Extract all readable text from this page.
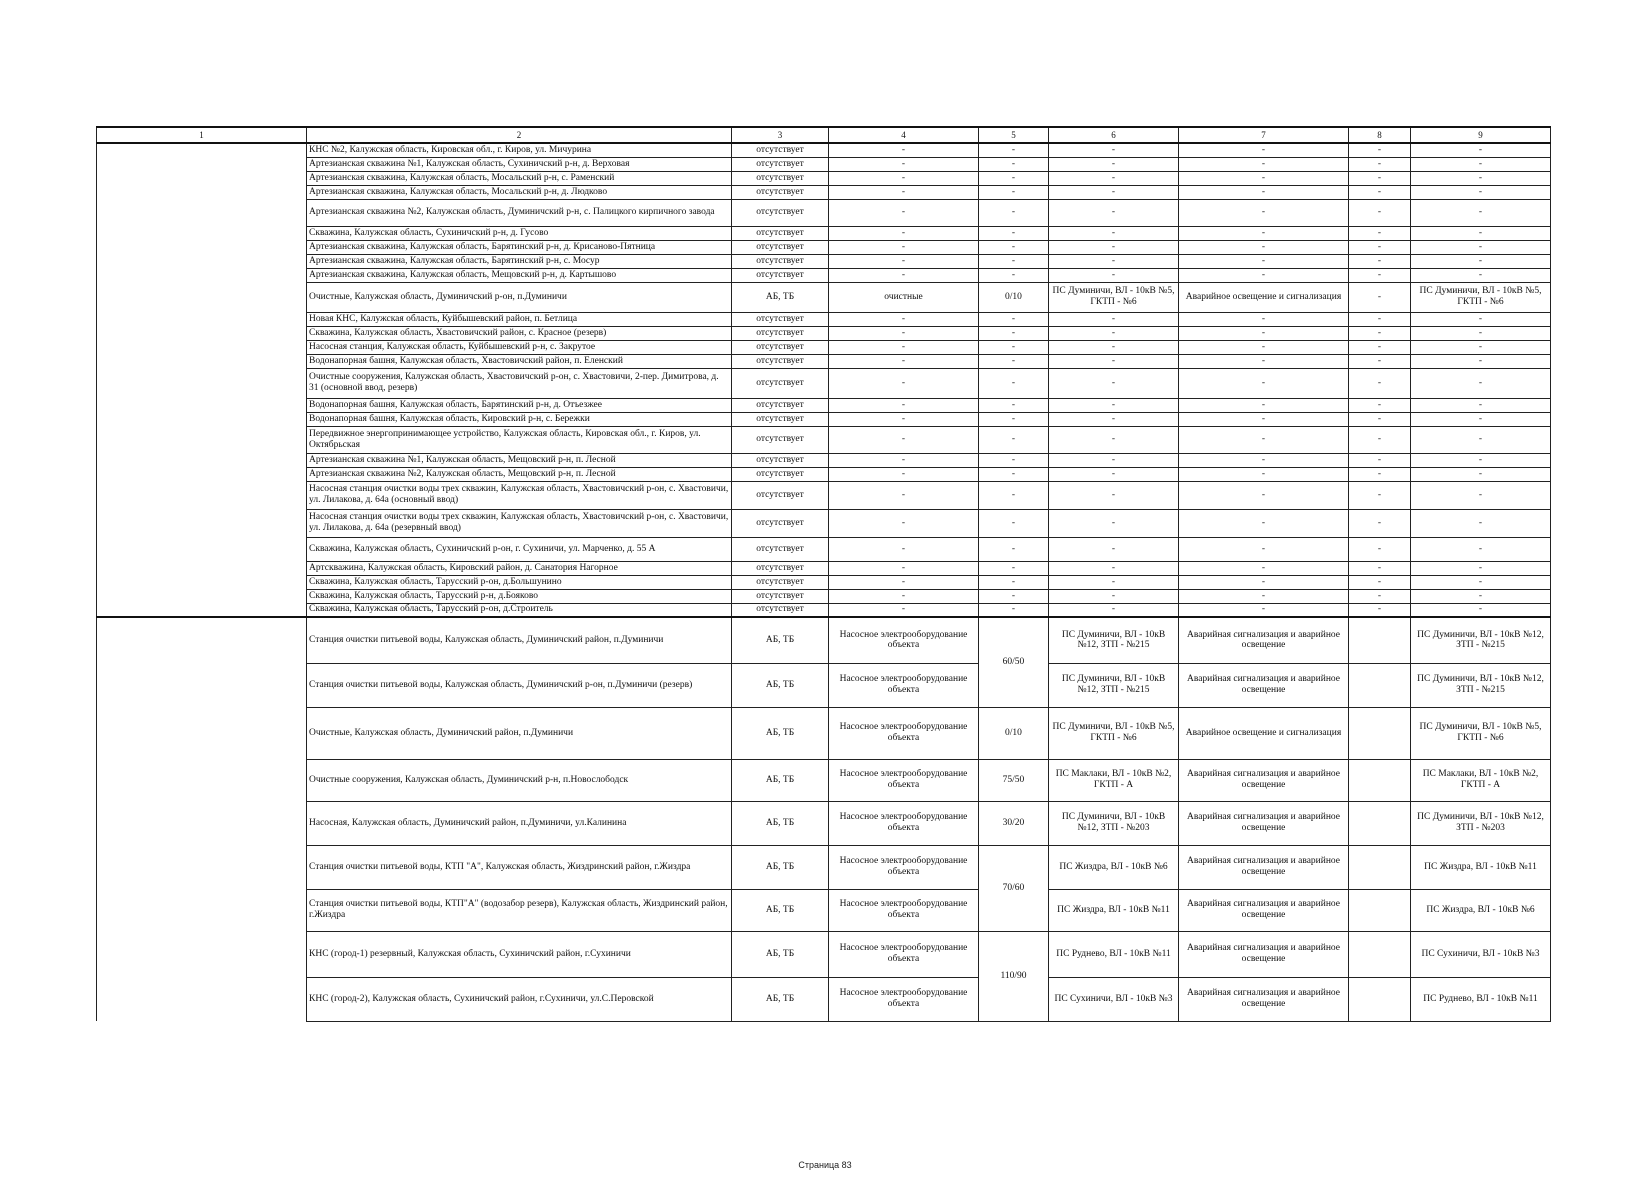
1	2	3	4	5	6	7	8	9
	КНС №2, Калужская область, Кировская обл., г. Киров, ул. Мичурина	отсутствует	-	-	-	-	-	-
	Артезианская скважина №1, Калужская область, Сухиничский р-н, д. Верховая	отсутствует	-	-	-	-	-	-
	Артезианская скважина, Калужская область, Мосальский р-н, с. Раменский	отсутствует	-	-	-	-	-	-
	Артезианская скважина, Калужская область, Мосальский р-н, д. Людково	отсутствует	-	-	-	-	-	-
	Артезианская скважина №2, Калужская область, Думиничский р-н, с. Палицкого кирпичного завода	отсутствует	-	-	-	-	-	-
	Скважина, Калужская область, Сухиничский р-н, д. Гусово	отсутствует	-	-	-	-	-	-
	Артезианская скважина, Калужская область, Барятинский р-н, д. Крисаново-Пятница	отсутствует	-	-	-	-	-	-
	Артезианская скважина, Калужская область, Барятинский р-н, с. Мосур	отсутствует	-	-	-	-	-	-
	Артезианская скважина, Калужская область, Мещовский р-н, д. Картышово	отсутствует	-	-	-	-	-	-
	Очистные, Калужская область, Думиничский р-он, п.Думиничи	АБ, ТБ	очистные	0/10	ПС Думиничи, ВЛ - 10кВ №5, ГКТП - №6	Аварийное освещение и сигнализация	-	ПС Думиничи, ВЛ - 10кВ №5, ГКТП - №6
	Новая КНС, Калужская область, Куйбышевский район, п. Бетлица	отсутствует	-	-	-	-	-	-
	Скважина, Калужская область, Хвастовичский район, с. Красное (резерв)	отсутствует	-	-	-	-	-	-
	Насосная станция, Калужская область, Куйбышевский р-н, с. Закрутое	отсутствует	-	-	-	-	-	-
	Водонапорная башня, Калужская область, Хвастовичский район, п. Еленский	отсутствует	-	-	-	-	-	-
	Очистные сооружения, Калужская область, Хвастовичский р-он, с. Хвастовичи, 2-пер. Димитрова, д. 31 (основной ввод, резерв)	отсутствует	-	-	-	-	-	-
	Водонапорная башня, Калужская область, Барятинский р-н, д. Отъезжее	отсутствует	-	-	-	-	-	-
	Водонапорная башня, Калужская область, Кировский р-н, с. Бережки	отсутствует	-	-	-	-	-	-
	Передвижное энергопринимающее устройство, Калужская область, Кировская обл., г. Киров, ул. Октябрьская	отсутствует	-	-	-	-	-	-
	Артезианская скважина №1, Калужская область, Мещовский р-н, п. Лесной	отсутствует	-	-	-	-	-	-
	Артезианская скважина №2, Калужская область, Мещовский р-н, п. Лесной	отсутствует	-	-	-	-	-	-
	Насосная станция очистки воды трех скважин, Калужская область, Хвастовичский р-он, с. Хвастовичи, ул. Лилакова, д. 64а (основный ввод)	отсутствует	-	-	-	-	-	-
	Насосная станция очистки воды трех скважин, Калужская область, Хвастовичский р-он, с. Хвастовичи, ул. Лилакова, д. 64а (резервный ввод)	отсутствует	-	-	-	-	-	-
	Скважина, Калужская область, Сухиничский р-он, г. Сухиничи, ул. Марченко, д. 55 А	отсутствует	-	-	-	-	-	-
	Артскважина, Калужская область, Кировский район, д. Санатория Нагорное	отсутствует	-	-	-	-	-	-
	Скважина, Калужская область, Тарусский р-он, д.Большунино	отсутствует	-	-	-	-	-	-
	Скважина, Калужская область, Тарусский р-н, д.Бояково	отсутствует	-	-	-	-	-	-
	Скважина, Калужская область, Тарусский р-он, д.Строитель	отсутствует	-	-	-	-	-	-
	Станция очистки питьевой воды, Калужская область, Думиничский район, п.Думиничи	АБ, ТБ	Насосное электрооборудование объекта	60/50	ПС Думиничи, ВЛ - 10кВ №12, ЗТП - №215	Аварийная сигнализация и аварийное освещение		ПС Думиничи, ВЛ - 10кВ №12, ЗТП - №215
	Станция очистки питьевой воды, Калужская область, Думиничский р-он, п.Думиничи (резерв)	АБ, ТБ	Насосное электрооборудование объекта		ПС Думиничи, ВЛ - 10кВ №12, ЗТП - №215	Аварийная сигнализация и аварийное освещение		ПС Думиничи, ВЛ - 10кВ №12, ЗТП - №215
	Очистные, Калужская область, Думиничский район, п.Думиничи	АБ, ТБ	Насосное электрооборудование объекта	0/10	ПС Думиничи, ВЛ - 10кВ №5, ГКТП - №6	Аварийное освещение и сигнализация		ПС Думиничи, ВЛ - 10кВ №5, ГКТП - №6
	Очистные сооружения, Калужская область, Думиничский р-н, п.Новослободск	АБ, ТБ	Насосное электрооборудование объекта	75/50	ПС Маклаки, ВЛ - 10кВ №2, ГКТП - А	Аварийная сигнализация и аварийное освещение		ПС Маклаки, ВЛ - 10кВ №2, ГКТП - А
	Насосная, Калужская область, Думиничский район, п.Думиничи, ул.Калинина	АБ, ТБ	Насосное электрооборудование объекта	30/20	ПС Думиничи, ВЛ - 10кВ №12, ЗТП - №203	Аварийная сигнализация и аварийное освещение		ПС Думиничи, ВЛ - 10кВ №12, ЗТП - №203
	Станция очистки питьевой воды, КТП "А", Калужская область, Жиздринский район, г.Жиздра	АБ, ТБ	Насосное электрооборудование объекта	70/60	ПС Жиздра, ВЛ - 10кВ №6	Аварийная сигнализация и аварийное освещение		ПС Жиздра, ВЛ - 10кВ №11
	Станция очистки питьевой воды, КТП"А" (водозабор резерв), Калужская область, Жиздринский район, г.Жиздра	АБ, ТБ	Насосное электрооборудование объекта		ПС Жиздра, ВЛ - 10кВ №11	Аварийная сигнализация и аварийное освещение		ПС Жиздра, ВЛ - 10кВ №6
	КНС (город-1) резервный, Калужская область, Сухиничский район, г.Сухиничи	АБ, ТБ	Насосное электрооборудование объекта	110/90	ПС Руднево, ВЛ - 10кВ №11	Аварийная сигнализация и аварийное освещение		ПС Сухиничи, ВЛ - 10кВ №3
	КНС (город-2), Калужская область, Сухиничский район, г.Сухиничи, ул.С.Перовской	АБ, ТБ	Насосное электрооборудование объекта		ПС Сухиничи, ВЛ - 10кВ №3	Аварийная сигнализация и аварийное освещение		ПС Руднево, ВЛ - 10кВ №11
Страница 83
